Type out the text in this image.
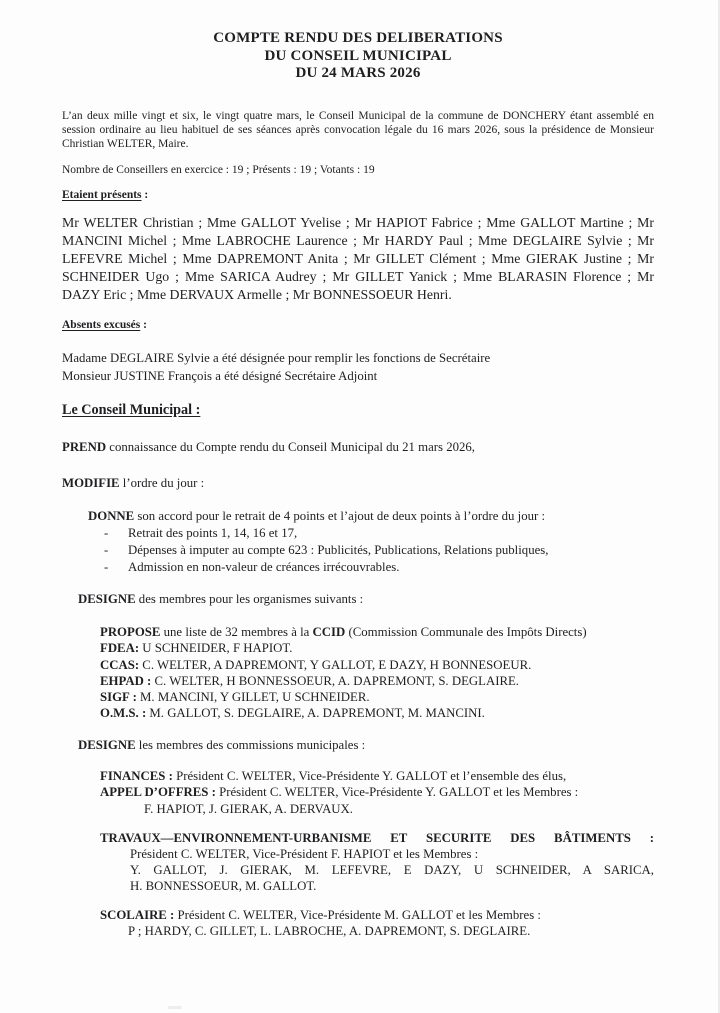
COMPTE RENDU DES DELIBERATIONS
DU CONSEIL MUNICIPAL
DU 24 MARS 2026

L’an deux mille vingt et six, le vingt quatre mars, le Conseil Municipal de la commune de DONCHERY étant assemblé en session ordinaire au lieu habituel de ses séances après convocation légale du 16 mars 2026, sous la présidence de Monsieur Christian WELTER, Maire.

Nombre de Conseillers en exercice : 19 ; Présents : 19 ; Votants : 19

Etaient présents :

Mr WELTER Christian ; Mme GALLOT Yvelise ; Mr HAPIOT Fabrice ; Mme GALLOT Martine ; Mr MANCINI Michel ; Mme LABROCHE Laurence ; Mr HARDY Paul ; Mme DEGLAIRE Sylvie ; Mr LEFEVRE Michel ; Mme DAPREMONT Anita ; Mr GILLET Clément ; Mme GIERAK Justine ; Mr SCHNEIDER Ugo ; Mme SARICA Audrey ; Mr GILLET Yanick ; Mme BLARASIN Florence ; Mr DAZY Eric ; Mme DERVAUX Armelle ; Mr BONNESSOEUR Henri.

Absents excusés :

Madame DEGLAIRE Sylvie a été désignée pour remplir les fonctions de Secrétaire
Monsieur JUSTINE François a été désigné Secrétaire Adjoint

Le Conseil Municipal :

PREND connaissance du Compte rendu du Conseil Municipal du 21 mars 2026,

MODIFIE l’ordre du jour :

DONNE son accord pour le retrait de 4 points et l’ajout de deux points à l’ordre du jour :

- Retrait des points 1, 14, 16 et 17,
- Dépenses à imputer au compte 623 : Publicités, Publications, Relations publiques,
- Admission en non-valeur de créances irrécouvrables.

DESIGNE des membres pour les organismes suivants :

PROPOSE une liste de 32 membres à la CCID (Commission Communale des Impôts Directs)
FDEA: U SCHNEIDER, F HAPIOT.
CCAS: C. WELTER, A DAPREMONT, Y GALLOT, E DAZY, H BONNESOEUR.
EHPAD : C. WELTER, H BONNESSOEUR, A. DAPREMONT, S. DEGLAIRE.
SIGF : M. MANCINI, Y GILLET, U SCHNEIDER.
O.M.S. : M. GALLOT, S. DEGLAIRE, A. DAPREMONT, M. MANCINI.

DESIGNE les membres des commissions municipales :

FINANCES : Président C. WELTER, Vice-Présidente Y. GALLOT et l’ensemble des élus,
APPEL D’OFFRES : Président C. WELTER, Vice-Présidente Y. GALLOT et les Membres :
F. HAPIOT, J. GIERAK, A. DERVAUX.
TRAVAUX—ENVIRONNEMENT-URBANISME ET SECURITE DES BÂTIMENTS :
Président C. WELTER, Vice-Président F. HAPIOT et les Membres :
Y. GALLOT, J. GIERAK, M. LEFEVRE, E DAZY, U SCHNEIDER, A SARICA,
H. BONNESSOEUR, M. GALLOT.
SCOLAIRE : Président C. WELTER, Vice-Présidente M. GALLOT et les Membres :
P ; HARDY, C. GILLET, L. LABROCHE, A. DAPREMONT, S. DEGLAIRE.
